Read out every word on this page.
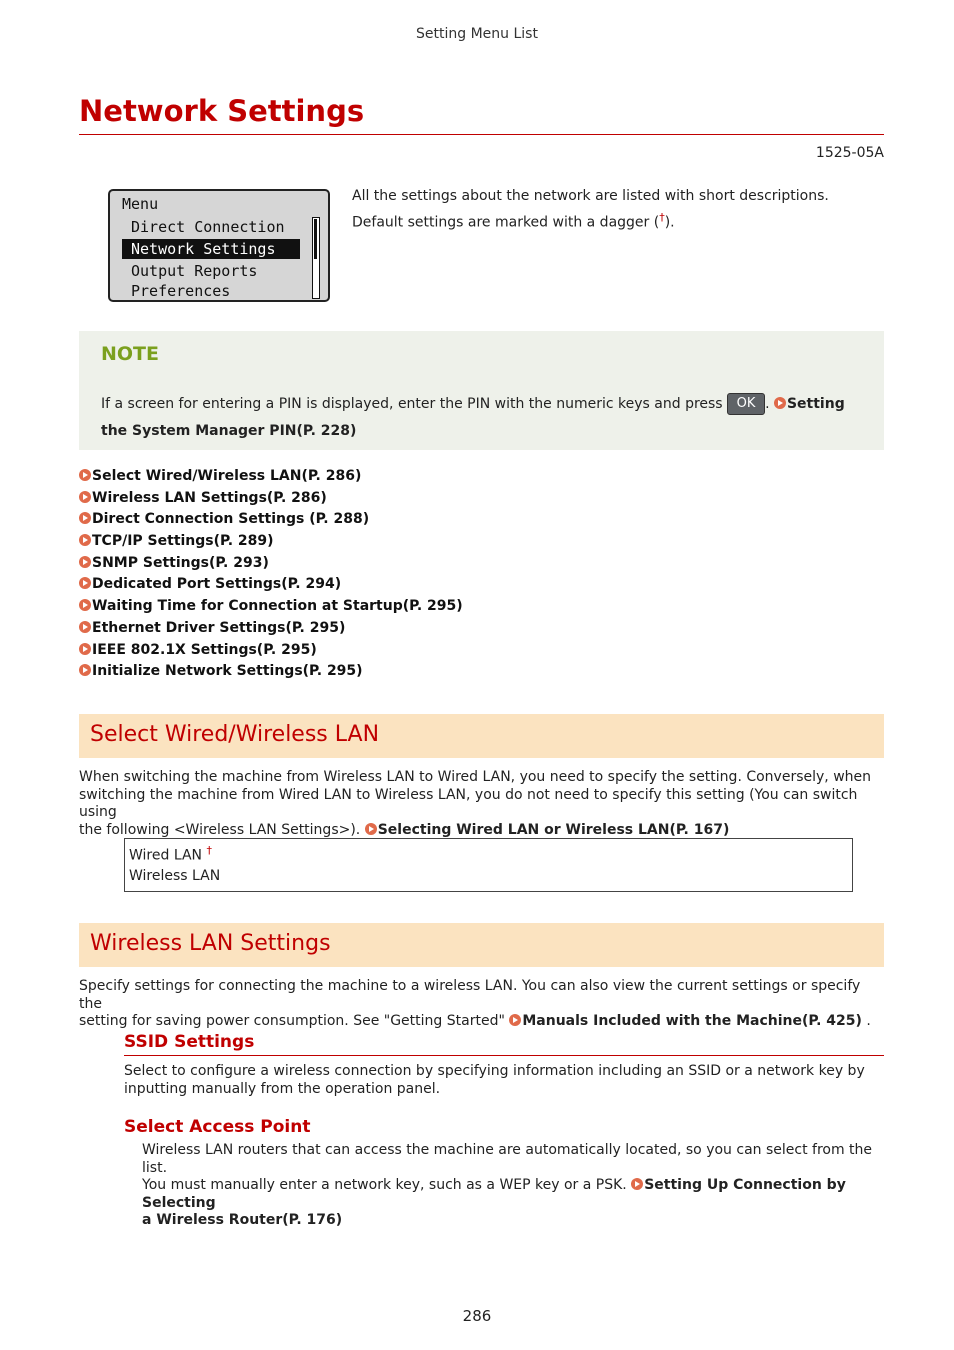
Setting Menu List
Network Settings
1525-05A
Menu
Direct Connection
Network Settings
Output Reports
Preferences
All the settings about the network are listed with short descriptions. Default settings are marked with a dagger (†).
NOTE
If a screen for entering a PIN is displayed, enter the PIN with the numeric keys and press OK . Setting the System Manager PIN(P. 228)
Select Wired/Wireless LAN(P. 286)
Wireless LAN Settings(P. 286)
Direct Connection Settings (P. 288)
TCP/IP Settings(P. 289)
SNMP Settings(P. 293)
Dedicated Port Settings(P. 294)
Waiting Time for Connection at Startup(P. 295)
Ethernet Driver Settings(P. 295)
IEEE 802.1X Settings(P. 295)
Initialize Network Settings(P. 295)
Select Wired/Wireless LAN
When switching the machine from Wireless LAN to Wired LAN, you need to specify the setting. Conversely, when
switching the machine from Wired LAN to Wireless LAN, you do not need to specify this setting (You can switch using
the following <Wireless LAN Settings>). Selecting Wired LAN or Wireless LAN(P. 167)
Wired LAN †
Wireless LAN
Wireless LAN Settings
Specify settings for connecting the machine to a wireless LAN. You can also view the current settings or specify the
setting for saving power consumption. See "Getting Started" Manuals Included with the Machine(P. 425) .
SSID Settings
Select to configure a wireless connection by specifying information including an SSID or a network key by
inputting manually from the operation panel.
Select Access Point
Wireless LAN routers that can access the machine are automatically located, so you can select from the list.
You must manually enter a network key, such as a WEP key or a PSK. Setting Up Connection by Selecting
a Wireless Router(P. 176)
286
